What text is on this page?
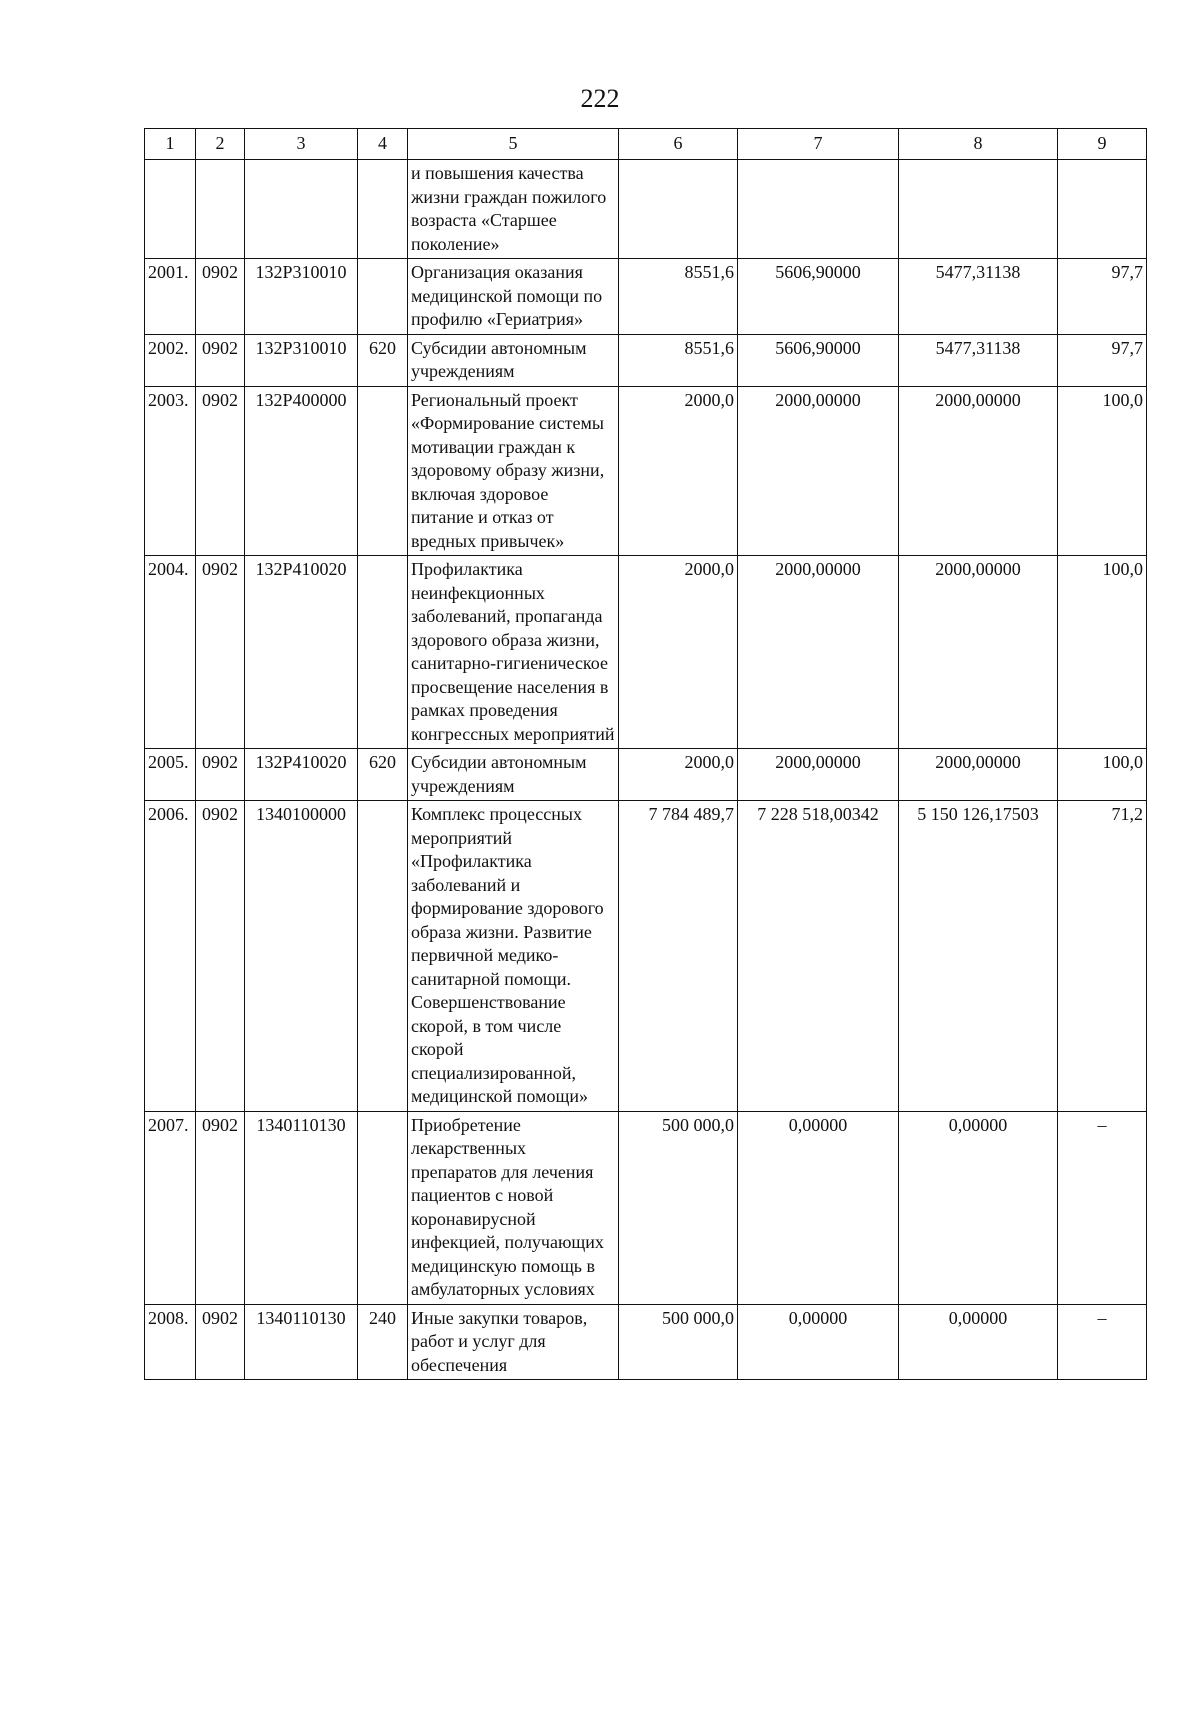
222
1	2	3	4	5	6	7	8	9
				и повышения качества жизни граждан пожилого возраста «Старшее поколение»				
2001.	0902	132P310010		Организация оказания медицинской помощи по профилю «Гериатрия»	8551,6	5606,90000	5477,31138	97,7
2002.	0902	132P310010	620	Субсидии автономным учреждениям	8551,6	5606,90000	5477,31138	97,7
2003.	0902	132P400000		Региональный проект «Формирование системы мотивации граждан к здоровому образу жизни, включая здоровое питание и отказ от вредных привычек»	2000,0	2000,00000	2000,00000	100,0
2004.	0902	132P410020		Профилактика неинфекционных заболеваний, пропаганда здорового образа жизни, санитарно-гигиеническое просвещение населения в рамках проведения конгрессных мероприятий	2000,0	2000,00000	2000,00000	100,0
2005.	0902	132P410020	620	Субсидии автономным учреждениям	2000,0	2000,00000	2000,00000	100,0
2006.	0902	1340100000		Комплекс процессных мероприятий «Профилактика заболеваний и формирование здорового образа жизни. Развитие первичной медико-санитарной помощи. Совершенствование скорой, в том числе скорой специализированной, медицинской помощи»	7 784 489,7	7 228 518,00342	5 150 126,17503	71,2
2007.	0902	1340110130		Приобретение лекарственных препаратов для лечения пациентов с новой коронавирусной инфекцией, получающих медицинскую помощь в амбулаторных условиях	500 000,0	0,00000	0,00000	–
2008.	0902	1340110130	240	Иные закупки товаров, работ и услуг для обеспечения	500 000,0	0,00000	0,00000	–
